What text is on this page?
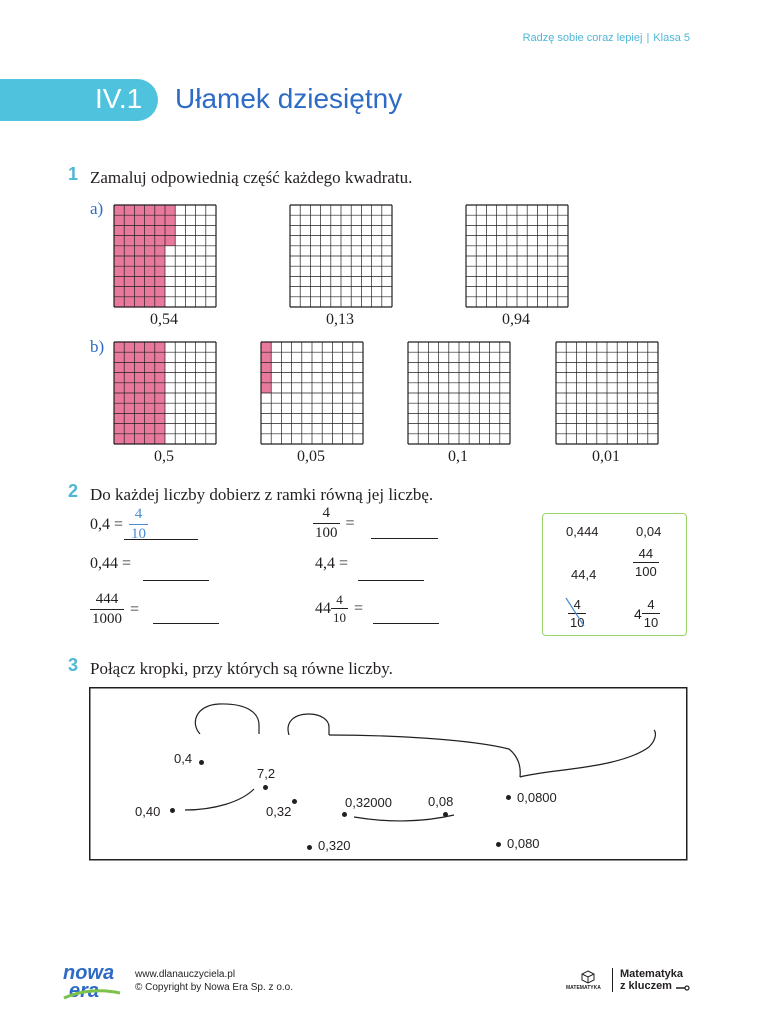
Radzę sobie coraz lepiej | Klasa 5
IV.1 Ułamek dziesiętny
1 Zamaluj odpowiednią część każdego kwadratu.
a)
b)
0,54	0,13	0,94
0,5	0,05	0,1	0,01
2 Do każdej liczby dobierz z ramki równą jej liczbę.
$0,4 = \frac{4}{10}$	$\frac{4}{100}$ =
0,44 =	4,4 =
$\frac{444}{1000}$ =	$44 \frac{4}{10}$ =
0,444	0,04
$\frac{44}{100}$
44,4
$\frac{4}{10}$	$4 \frac{4}{10}$
3 Połącz kropki, przy których są równe liczby.
0,4
7,2
0,40	0,32
0,32000	0,08	0,0800
0,320	0,080
nowa
era
www.dlanauczyciela.pl
© Copyright by Nowa Era Sp. z o.o.	MATEMATYKA
Matematyka
z kluczem
